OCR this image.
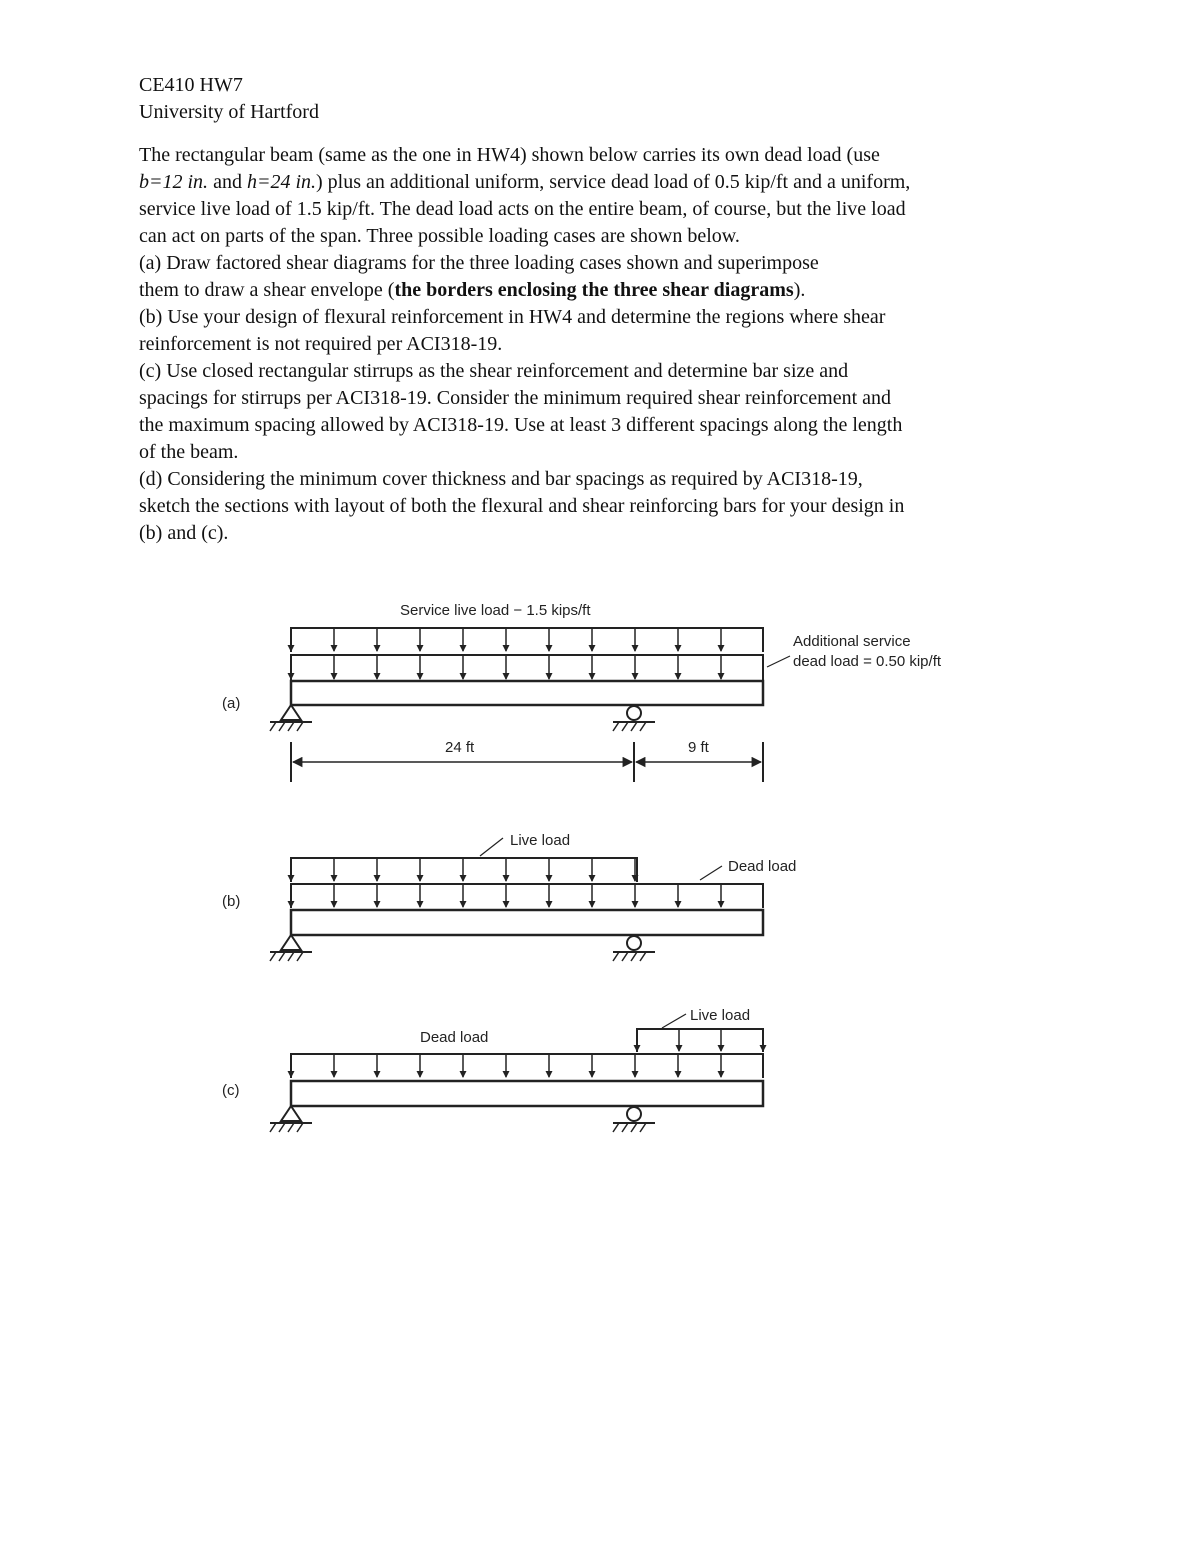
CE410 HW7
University of Hartford
The rectangular beam (same as the one in HW4) shown below carries its own dead load (use
b=12 in. and h=24 in.) plus an additional uniform, service dead load of 0.5 kip/ft and a uniform,
service live load of 1.5 kip/ft. The dead load acts on the entire beam, of course, but the live load
can act on parts of the span. Three possible loading cases are shown below.
(a) Draw factored shear diagrams for the three loading cases shown and superimpose
them to draw a shear envelope (the borders enclosing the three shear diagrams).
(b) Use your design of flexural reinforcement in HW4 and determine the regions where shear
reinforcement is not required per ACI318-19.
(c) Use closed rectangular stirrups as the shear reinforcement and determine bar size and
spacings for stirrups per ACI318-19. Consider the minimum required shear reinforcement and
the maximum spacing allowed by ACI318-19. Use at least 3 different spacings along the length
of the beam.
(d) Considering the minimum cover thickness and bar spacings as required by ACI318-19,
sketch the sections with layout of both the flexural and shear reinforcing bars for your design in
(b) and (c).
Service live load − 1.5 kips/ft
Additional service
dead load = 0.50 kip/ft
(a)
24 ft	9 ft
Live load
Dead load
(b)
Live load
Dead load
(c)
